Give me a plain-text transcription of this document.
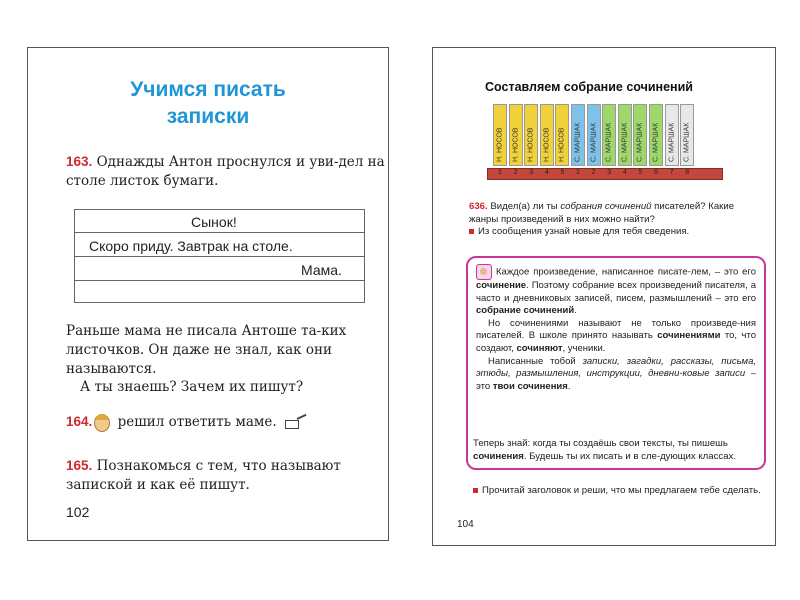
Учимся писать
записки
163. Однажды Антон проснулся и уви-дел на столе листок бумаги.
Сынок!
Скоро приду. Завтрак на столе.
Мама.
Раньше мама не писала Антоше та-ких листочков. Он даже не знал, как они называются.
А ты знаешь? Зачем их пишут?
164. решил ответить маме.
165. Познакомься с тем, что называют запиской и как её пишут.
102
Составляем собрание сочинений
Н. НОСОВ
1
Н. НОСОВ
2
Н. НОСОВ
3
Н. НОСОВ
4
Н. НОСОВ
5
С. МАРШАК
1
С. МАРШАК
2
С. МАРШАК
3
С. МАРШАК
4
С. МАРШАК
5
С. МАРШАК
6
С. МАРШАК
7
С. МАРШАК
8
636. Видел(а) ли ты собрания сочинений писателей? Какие жанры произведений в них можно найти?
Из сообщения узнай новые для тебя сведения.

Каждое произведение, написанное писате-лем, – это его сочинение. Поэтому собрание всех произведений писателя, а часто и дневниковых записей, писем, размышлений – это его собрание сочинений.

Но сочинениями называют не только произведе-ния писателей. В школе принято называть сочинениями то, что создают, сочиняют, ученики.

Написанные тобой записки, загадки, рассказы, письма, этюды, размышления, инструкции, дневни-ковые записи – это твои сочинения.

Теперь знай: когда ты создаёшь свои тексты, ты пишешь сочинения. Будешь ты их писать и в сле-дующих классах.
Прочитай заголовок и реши, что мы предлагаем тебе сделать.
104
